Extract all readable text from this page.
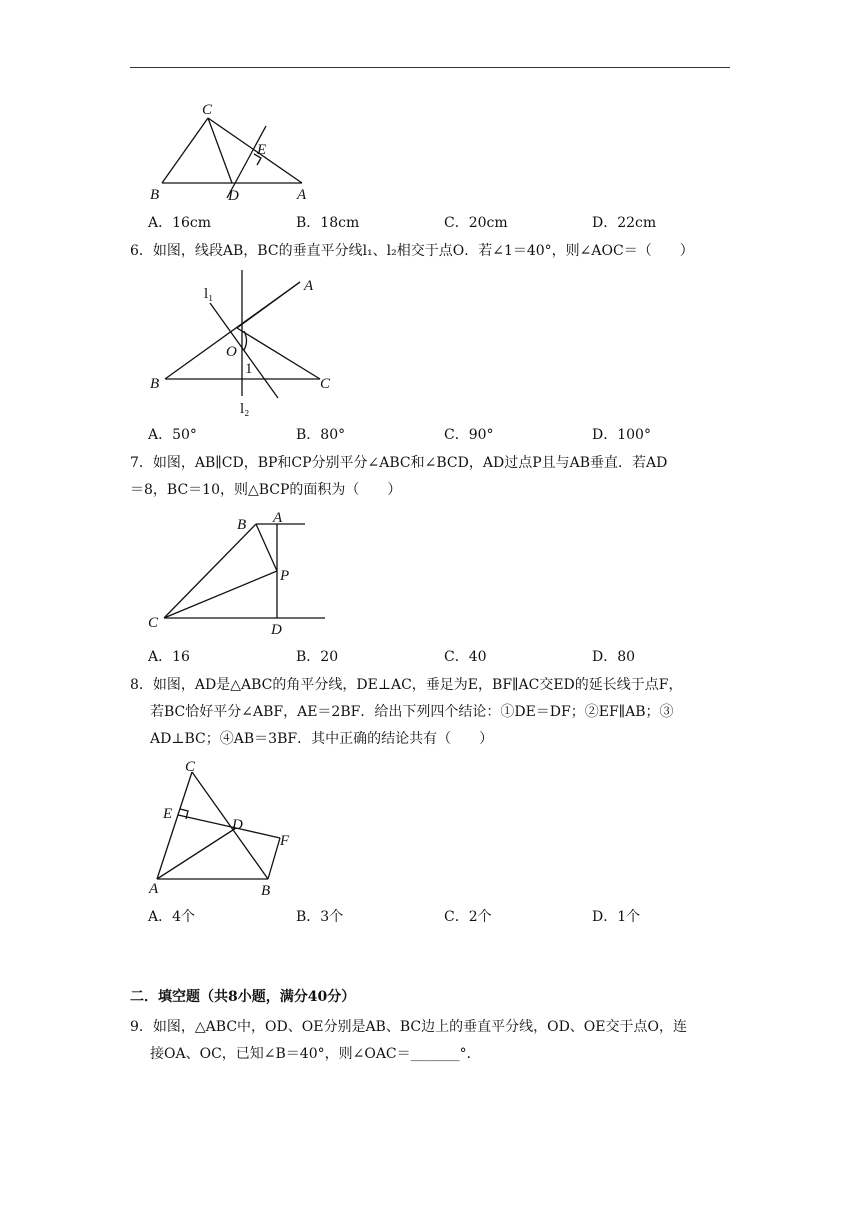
C
E
B	D	A
A．16cm	B．18cm	C．20cm	D．22cm
6．如图，线段AB，BC的垂直平分线l₁、l₂相交于点O．若∠1＝40°，则∠AOC＝（　　）
l₁	A
O
1
B	C
l₂
A．50°	B．80°	C．90°	D．100°
7．如图，AB∥CD，BP和CP分别平分∠ABC和∠BCD，AD过点P且与AB垂直．若AD
＝8，BC＝10，则△BCP的面积为（　　）
B A
P
C	D
A．16	B．20	C．40	D．80
8．如图，AD是△ABC的角平分线，DE⊥AC，垂足为E，BF∥AC交ED的延长线于点F，
若BC恰好平分∠ABF，AE＝2BF．给出下列四个结论：①DE＝DF；②EF∥AB；③
AD⊥BC；④AB＝3BF．其中正确的结论共有（　　）
C
E
D
F
A	B
A．4个	B．3个	C．2个	D．1个
二．填空题（共8小题，满分40分）
9．如图，△ABC中，OD、OE分别是AB、BC边上的垂直平分线，OD、OE交于点O，连
接OA、OC，已知∠B＝40°，则∠OAC＝_______°．
